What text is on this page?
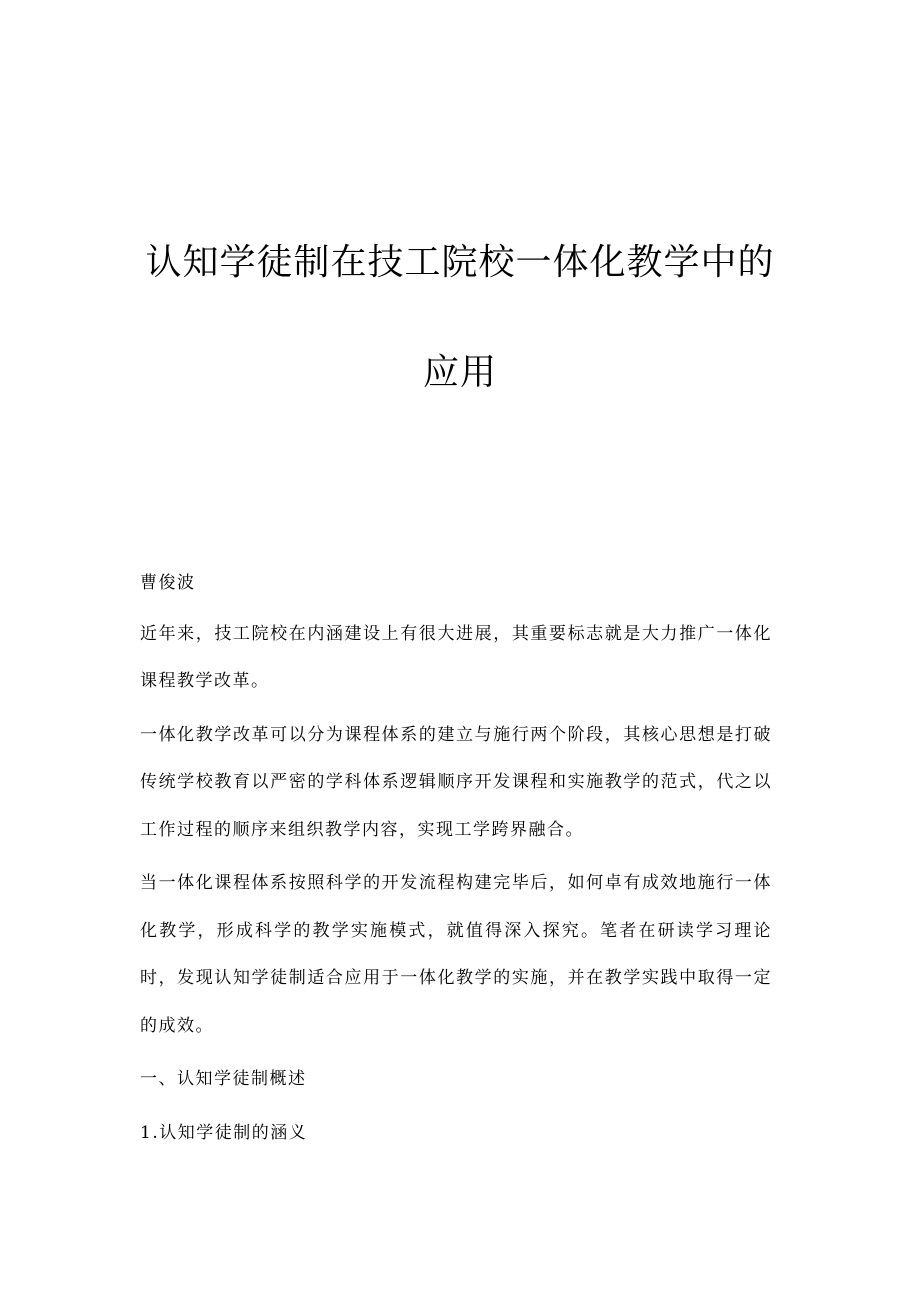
认知学徒制在技工院校一体化教学中的
应用

曹俊波

近年来，技工院校在内涵建设上有很大进展，其重要标志就是大力推广一体化课程教学改革。

一体化教学改革可以分为课程体系的建立与施行两个阶段，其核心思想是打破传统学校教育以严密的学科体系逻辑顺序开发课程和实施教学的范式，代之以工作过程的顺序来组织教学内容，实现工学跨界融合。

当一体化课程体系按照科学的开发流程构建完毕后，如何卓有成效地施行一体化教学，形成科学的教学实施模式，就值得深入探究。笔者在研读学习理论时，发现认知学徒制适合应用于一体化教学的实施，并在教学实践中取得一定的成效。

一、认知学徒制概述

1.认知学徒制的涵义
